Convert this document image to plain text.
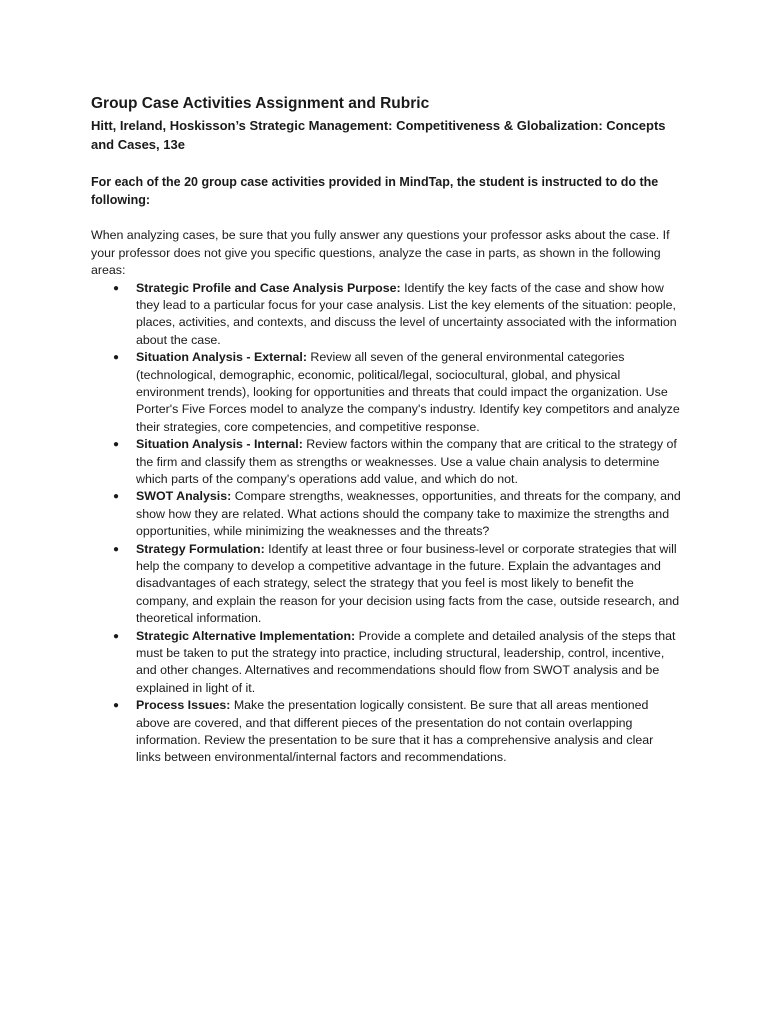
Group Case Activities Assignment and Rubric

Hitt, Ireland, Hoskisson’s Strategic Management: Competitiveness & Globalization: Concepts and Cases, 13e

For each of the 20 group case activities provided in MindTap, the student is instructed to do the following:

When analyzing cases, be sure that you fully answer any questions your professor asks about the case. If your professor does not give you specific questions, analyze the case in parts, as shown in the following areas:

● Strategic Profile and Case Analysis Purpose: Identify the key facts of the case and show how they lead to a particular focus for your case analysis. List the key elements of the situation: people, places, activities, and contexts, and discuss the level of uncertainty associated with the information about the case.
● Situation Analysis - External: Review all seven of the general environmental categories (technological, demographic, economic, political/legal, sociocultural, global, and physical environment trends), looking for opportunities and threats that could impact the organization. Use Porter's Five Forces model to analyze the company's industry. Identify key competitors and analyze their strategies, core competencies, and competitive response.
● Situation Analysis - Internal: Review factors within the company that are critical to the strategy of the firm and classify them as strengths or weaknesses. Use a value chain analysis to determine which parts of the company's operations add value, and which do not.
● SWOT Analysis: Compare strengths, weaknesses, opportunities, and threats for the company, and show how they are related. What actions should the company take to maximize the strengths and opportunities, while minimizing the weaknesses and the threats?
● Strategy Formulation: Identify at least three or four business-level or corporate strategies that will help the company to develop a competitive advantage in the future. Explain the advantages and disadvantages of each strategy, select the strategy that you feel is most likely to benefit the company, and explain the reason for your decision using facts from the case, outside research, and theoretical information.
● Strategic Alternative Implementation: Provide a complete and detailed analysis of the steps that must be taken to put the strategy into practice, including structural, leadership, control, incentive, and other changes. Alternatives and recommendations should flow from SWOT analysis and be explained in light of it.
● Process Issues: Make the presentation logically consistent. Be sure that all areas mentioned above are covered, and that different pieces of the presentation do not contain overlapping information. Review the presentation to be sure that it has a comprehensive analysis and clear links between environmental/internal factors and recommendations.
